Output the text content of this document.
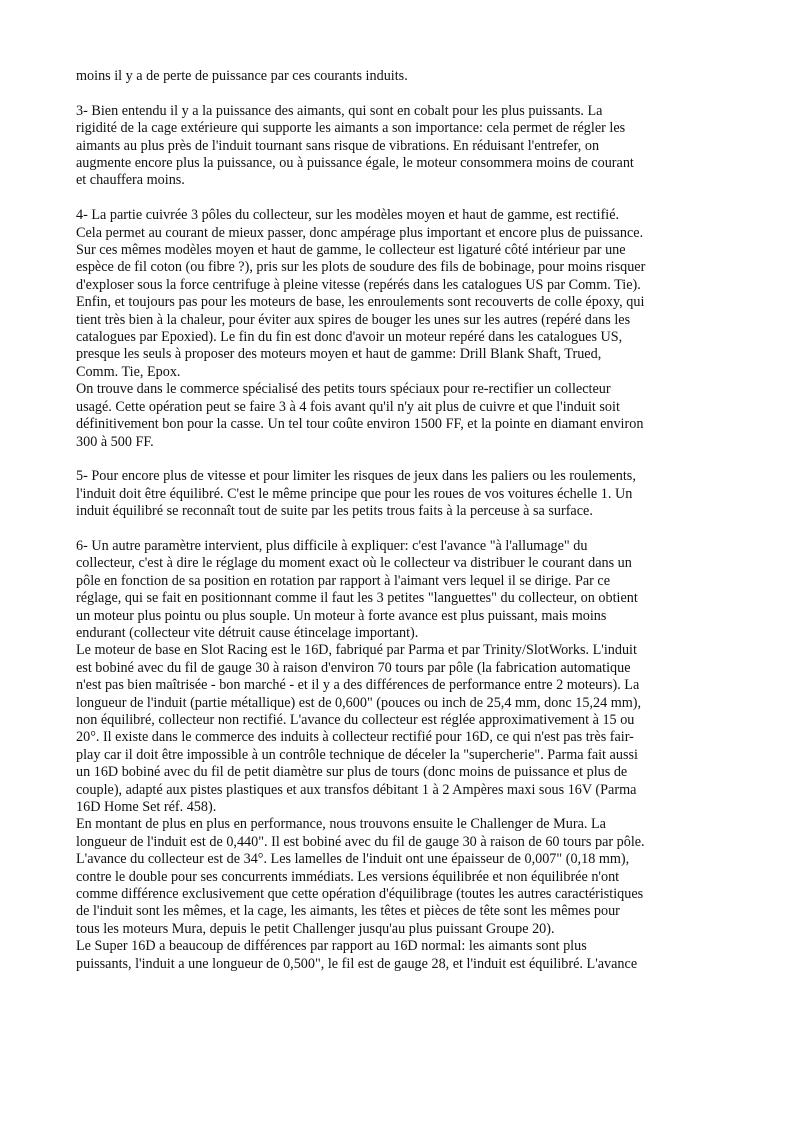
moins il y a de perte de puissance par ces courants induits.
3- Bien entendu il y a la puissance des aimants, qui sont en cobalt pour les plus puissants. La
rigidité de la cage extérieure qui supporte les aimants a son importance: cela permet de régler les
aimants au plus près de l'induit tournant sans risque de vibrations. En réduisant l'entrefer, on
augmente encore plus la puissance, ou à puissance égale, le moteur consommera moins de courant
et chauffera moins.
4- La partie cuivrée 3 pôles du collecteur, sur les modèles moyen et haut de gamme, est rectifié.
Cela permet au courant de mieux passer, donc ampérage plus important et encore plus de puissance.
Sur ces mêmes modèles moyen et haut de gamme, le collecteur est ligaturé côté intérieur par une
espèce de fil coton (ou fibre ?), pris sur les plots de soudure des fils de bobinage, pour moins risquer
d'exploser sous la force centrifuge à pleine vitesse (repérés dans les catalogues US par Comm. Tie).
Enfin, et toujours pas pour les moteurs de base, les enroulements sont recouverts de colle époxy, qui
tient très bien à la chaleur, pour éviter aux spires de bouger les unes sur les autres (repéré dans les
catalogues par Epoxied). Le fin du fin est donc d'avoir un moteur repéré dans les catalogues US,
presque les seuls à proposer des moteurs moyen et haut de gamme: Drill Blank Shaft, Trued,
Comm. Tie, Epox.
On trouve dans le commerce spécialisé des petits tours spéciaux pour re-rectifier un collecteur
usagé. Cette opération peut se faire 3 à 4 fois avant qu'il n'y ait plus de cuivre et que l'induit soit
définitivement bon pour la casse. Un tel tour coûte environ 1500 FF, et la pointe en diamant environ
300 à 500 FF.
5- Pour encore plus de vitesse et pour limiter les risques de jeux dans les paliers ou les roulements,
l'induit doit être équilibré. C'est le même principe que pour les roues de vos voitures échelle 1. Un
induit équilibré se reconnaît tout de suite par les petits trous faits à la perceuse à sa surface.
6- Un autre paramètre intervient, plus difficile à expliquer: c'est l'avance "à l'allumage" du
collecteur, c'est à dire le réglage du moment exact où le collecteur va distribuer le courant dans un
pôle en fonction de sa position en rotation par rapport à l'aimant vers lequel il se dirige. Par ce
réglage, qui se fait en positionnant comme il faut les 3 petites "languettes" du collecteur, on obtient
un moteur plus pointu ou plus souple. Un moteur à forte avance est plus puissant, mais moins
endurant (collecteur vite détruit cause étincelage important).
Le moteur de base en Slot Racing est le 16D, fabriqué par Parma et par Trinity/SlotWorks. L'induit
est bobiné avec du fil de gauge 30 à raison d'environ 70 tours par pôle (la fabrication automatique
n'est pas bien maîtrisée - bon marché - et il y a des différences de performance entre 2 moteurs). La
longueur de l'induit (partie métallique) est de 0,600" (pouces ou inch de 25,4 mm, donc 15,24 mm),
non équilibré, collecteur non rectifié. L'avance du collecteur est réglée approximativement à 15 ou
20°. Il existe dans le commerce des induits à collecteur rectifié pour 16D, ce qui n'est pas très fair-
play car il doit être impossible à un contrôle technique de déceler la "supercherie". Parma fait aussi
un 16D bobiné avec du fil de petit diamètre sur plus de tours (donc moins de puissance et plus de
couple), adapté aux pistes plastiques et aux transfos débitant 1 à 2 Ampères maxi sous 16V (Parma
16D Home Set réf. 458).
En montant de plus en plus en performance, nous trouvons ensuite le Challenger de Mura. La
longueur de l'induit est de 0,440". Il est bobiné avec du fil de gauge 30 à raison de 60 tours par pôle.
L'avance du collecteur est de 34°. Les lamelles de l'induit ont une épaisseur de 0,007" (0,18 mm),
contre le double pour ses concurrents immédiats. Les versions équilibrée et non équilibrée n'ont
comme différence exclusivement que cette opération d'équilibrage (toutes les autres caractéristiques
de l'induit sont les mêmes, et la cage, les aimants, les têtes et pièces de tête sont les mêmes pour
tous les moteurs Mura, depuis le petit Challenger jusqu'au plus puissant Groupe 20).
Le Super 16D a beaucoup de différences par rapport au 16D normal: les aimants sont plus
puissants, l'induit a une longueur de 0,500", le fil est de gauge 28, et l'induit est équilibré. L'avance
